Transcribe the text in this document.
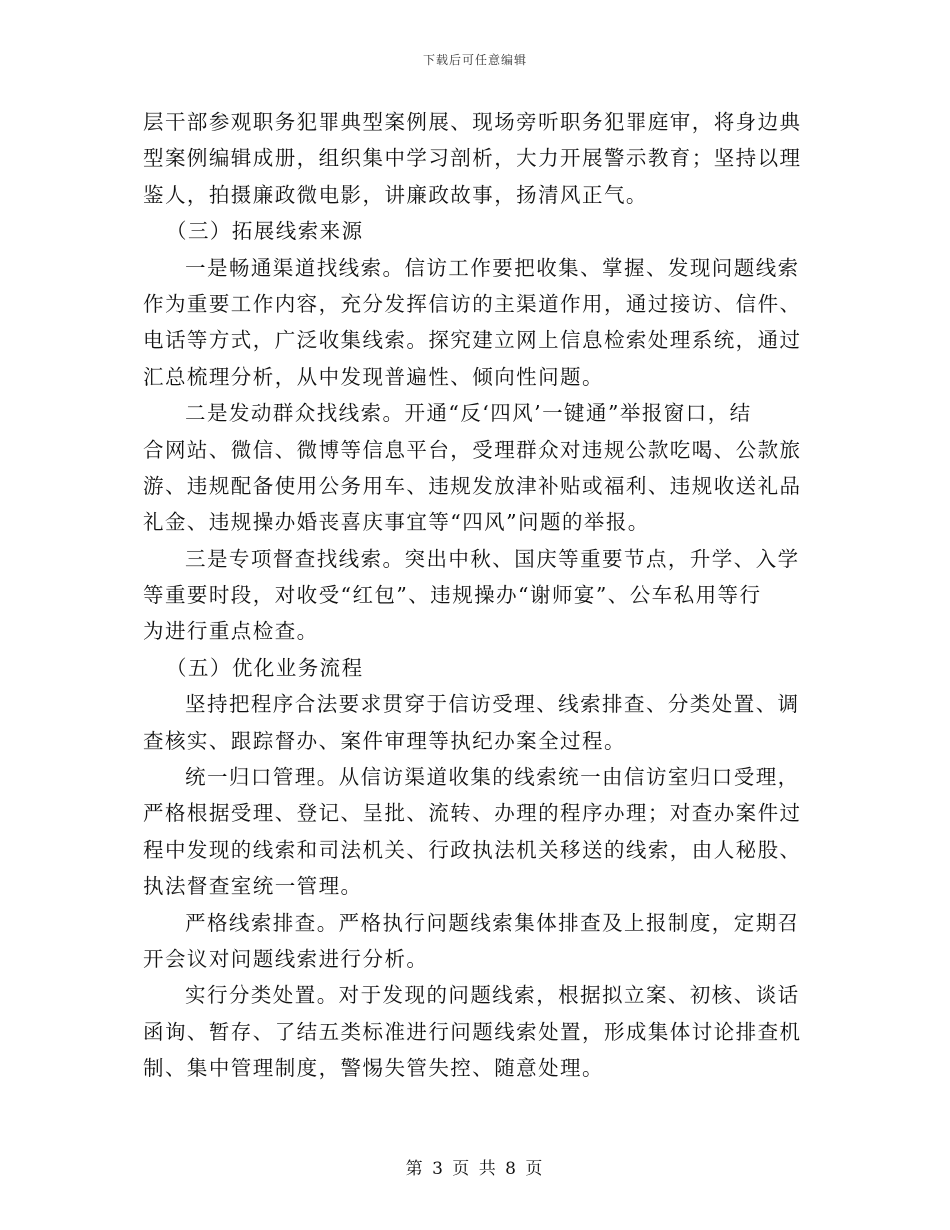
下载后可任意编辑
层干部参观职务犯罪典型案例展、现场旁听职务犯罪庭审，将身边典
型案例编辑成册，组织集中学习剖析，大力开展警示教育；坚持以理
鉴人，拍摄廉政微电影，讲廉政故事，扬清风正气。
（三）拓展线索来源
一是畅通渠道找线索。信访工作要把收集、掌握、发现问题线索
作为重要工作内容，充分发挥信访的主渠道作用，通过接访、信件、
电话等方式，广泛收集线索。探究建立网上信息检索处理系统，通过
汇总梳理分析，从中发现普遍性、倾向性问题。
二是发动群众找线索。开通“反‘四风’一键通”举报窗口，结
合网站、微信、微博等信息平台，受理群众对违规公款吃喝、公款旅
游、违规配备使用公务用车、违规发放津补贴或福利、违规收送礼品
礼金、违规操办婚丧喜庆事宜等“四风”问题的举报。
三是专项督查找线索。突出中秋、国庆等重要节点，升学、入学
等重要时段，对收受“红包”、违规操办“谢师宴”、公车私用等行
为进行重点检查。
（五）优化业务流程
坚持把程序合法要求贯穿于信访受理、线索排查、分类处置、调
查核实、跟踪督办、案件审理等执纪办案全过程。
统一归口管理。从信访渠道收集的线索统一由信访室归口受理，
严格根据受理、登记、呈批、流转、办理的程序办理；对查办案件过
程中发现的线索和司法机关、行政执法机关移送的线索，由人秘股、
执法督查室统一管理。
严格线索排查。严格执行问题线索集体排查及上报制度，定期召
开会议对问题线索进行分析。
实行分类处置。对于发现的问题线索，根据拟立案、初核、谈话
函询、暂存、了结五类标准进行问题线索处置，形成集体讨论排查机
制、集中管理制度，警惕失管失控、随意处理。
第 3 页 共 8 页
